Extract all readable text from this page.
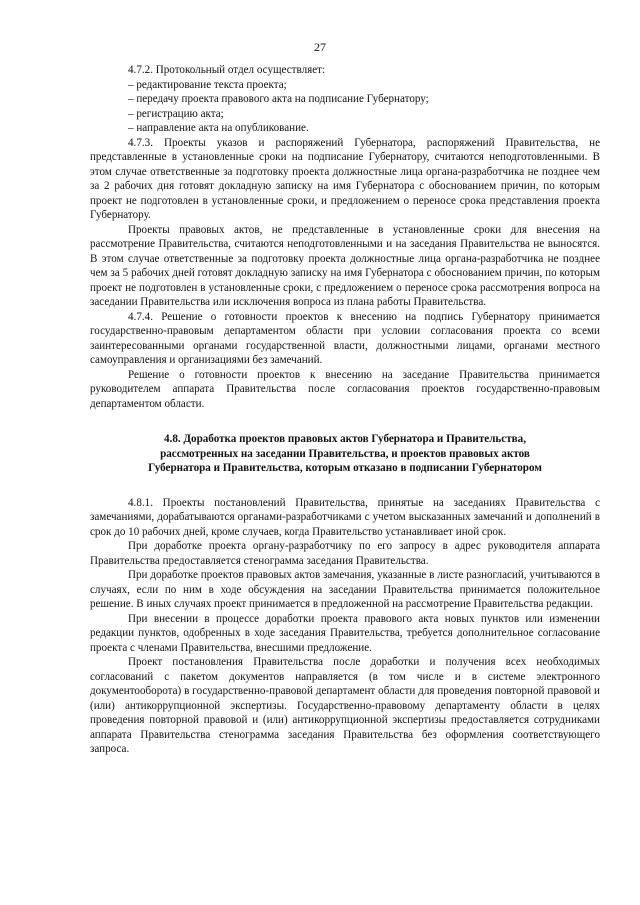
27

4.7.2. Протокольный отдел осуществляет:

– редактирование текста проекта;

– передачу проекта правового акта на подписание Губернатору;

– регистрацию акта;

– направление акта на опубликование.

4.7.3. Проекты указов и распоряжений Губернатора, распоряжений Правительства, не представленные в установленные сроки на подписание Губернатору, считаются неподготовленными. В этом случае ответственные за подготовку проекта должностные лица органа-разработчика не позднее чем за 2 рабочих дня готовят докладную записку на имя Губернатора с обоснованием причин, по которым проект не подготовлен в установленные сроки, и предложением о переносе срока представления проекта Губернатору.

Проекты правовых актов, не представленные в установленные сроки для внесения на рассмотрение Правительства, считаются неподготовленными и на заседания Правительства не выносятся. В этом случае ответственные за подготовку проекта должностные лица органа-разработчика не позднее чем за 5 рабочих дней готовят докладную записку на имя Губернатора с обоснованием причин, по которым проект не подготовлен в установленные сроки, с предложением о переносе срока рассмотрения вопроса на заседании Правительства или исключения вопроса из плана работы Правительства.

4.7.4. Решение о готовности проектов к внесению на подпись Губернатору принимается государственно-правовым департаментом области при условии согласования проекта со всеми заинтересованными органами государственной власти, должностными лицами, органами местного самоуправления и организациями без замечаний.

Решение о готовности проектов к внесению на заседание Правительства принимается руководителем аппарата Правительства после согласования проектов государственно-правовым департаментом области.

4.8. Доработка проектов правовых актов Губернатора и Правительства,
рассмотренных на заседании Правительства, и проектов правовых актов
Губернатора и Правительства, которым отказано в подписании Губернатором

4.8.1. Проекты постановлений Правительства, принятые на заседаниях Правительства с замечаниями, дорабатываются органами-разработчиками с учетом высказанных замечаний и дополнений в срок до 10 рабочих дней, кроме случаев, когда Правительство устанавливает иной срок.

При доработке проекта органу-разработчику по его запросу в адрес руководителя аппарата Правительства предоставляется стенограмма заседания Правительства.

При доработке проектов правовых актов замечания, указанные в листе разногласий, учитываются в случаях, если по ним в ходе обсуждения на заседании Правительства принимается положительное решение. В иных случаях проект принимается в предложенной на рассмотрение Правительства редакции.

При внесении в процессе доработки проекта правового акта новых пунктов или изменении редакции пунктов, одобренных в ходе заседания Правительства, требуется дополнительное согласование проекта с членами Правительства, внесшими предложение.

Проект постановления Правительства после доработки и получения всех необходимых согласований с пакетом документов направляется (в том числе и в системе электронного документооборота) в государственно-правовой департамент области для проведения повторной правовой и (или) антикоррупционной экспертизы. Государственно-правовому департаменту области в целях проведения повторной правовой и (или) антикоррупционной экспертизы предоставляется сотрудниками аппарата Правительства стенограмма заседания Правительства без оформления соответствующего запроса.
